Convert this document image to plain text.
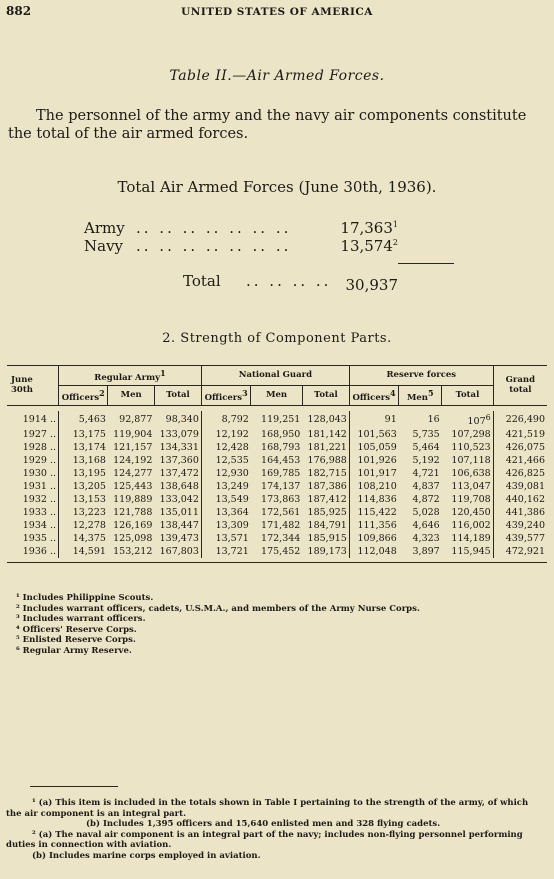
882	UNITED STATES OF AMERICA
Table II.—Air Armed Forces.
The personnel of the army and the navy air components constitute the total of the air armed forces.
Total Air Armed Forces (June 30th, 1936).
Army .. .. .. .. .. .. ..	17,363$^1$
Navy .. .. .. .. .. .. ..	13,574$^2$
Total .. .. .. .. 30,937
2. Strength of Component Parts.
June 30th	Regular Army$^1$			National Guard			Reserve forces			Grand total
	Officers$^2$	Men	Total	Officers$^3$	Men	Total	Officers$^4$	Men$^5$	Total	

1914 ..	5,463	92,877	98,340	8,792	119,251	128,043	91	16	$107^6$	226,490
1927 ..	13,175	119,904	133,079	12,192	168,950	181,142	101,563	5,735	107,298	421,519
1928 ..	13,174	121,157	134,331	12,428	168,793	181,221	105,059	5,464	110,523	426,075
1929 ..	13,168	124,192	137,360	12,535	164,453	176,988	101,926	5,192	107,118	421,466
1930 ..	13,195	124,277	137,472	12,930	169,785	182,715	101,917	4,721	106,638	426,825
1931 ..	13,205	125,443	138,648	13,249	174,137	187,386	108,210	4,837	113,047	439,081
1932 ..	13,153	119,889	133,042	13,549	173,863	187,412	114,836	4,872	119,708	440,162
1933 ..	13,223	121,788	135,011	13,364	172,561	185,925	115,422	5,028	120,450	441,386
1934 ..	12,278	126,169	138,447	13,309	171,482	184,791	111,356	4,646	116,002	439,240
1935 ..	14,375	125,098	139,473	13,571	172,344	185,915	109,866	4,323	114,189	439,577
1936 ..	14,591	153,212	167,803	13,721	175,452	189,173	112,048	3,897	115,945	472,921

¹ Includes Philippine Scouts.
² Includes warrant officers, cadets, U.S.M.A., and members of the Army Nurse Corps.
³ Includes warrant officers.
⁴ Officers' Reserve Corps.
⁵ Enlisted Reserve Corps.
⁶ Regular Army Reserve.

¹ (a) This item is included in the totals shown in Table I pertaining to the strength of the army, of which the air component is an integral part.

(b) Includes 1,395 officers and 15,640 enlisted men and 328 flying cadets.

² (a) The naval air component is an integral part of the navy; includes non-flying personnel performing duties in connection with aviation.

(b) Includes marine corps employed in aviation.
